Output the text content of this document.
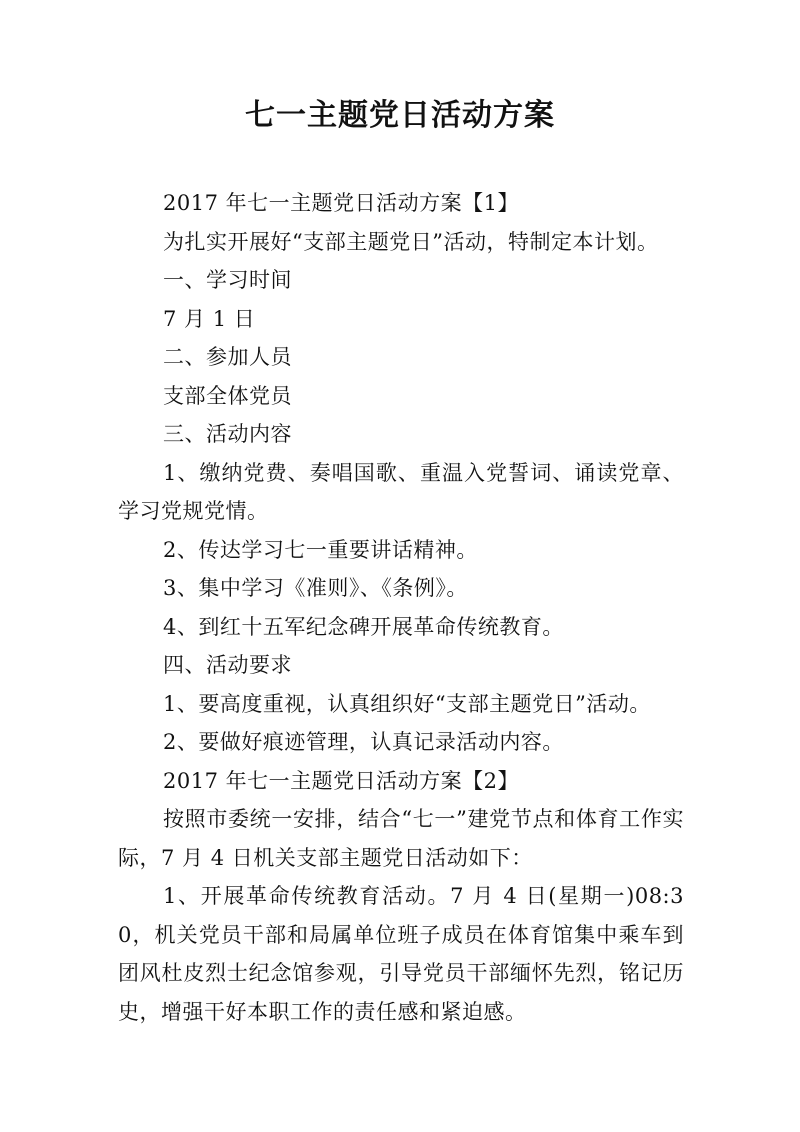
七一主题党日活动方案

2017 年七一主题党日活动方案【1】

为扎实开展好“支部主题党日”活动，特制定本计划。

一、学习时间

7 月 1 日

二、参加人员

支部全体党员

三、活动内容

1、缴纳党费、奏唱国歌、重温入党誓词、诵读党章、学习党规党情。

2、传达学习七一重要讲话精神。

3、集中学习《准则》、《条例》。

4、到红十五军纪念碑开展革命传统教育。

四、活动要求

1、要高度重视，认真组织好“支部主题党日”活动。

2、要做好痕迹管理，认真记录活动内容。

2017 年七一主题党日活动方案【2】

按照市委统一安排，结合“七一”建党节点和体育工作实际，7 月 4 日机关支部主题党日活动如下：

1、开展革命传统教育活动。7 月 4 日(星期一)08:30，机关党员干部和局属单位班子成员在体育馆集中乘车到团风杜皮烈士纪念馆参观，引导党员干部缅怀先烈，铭记历史，增强干好本职工作的责任感和紧迫感。
